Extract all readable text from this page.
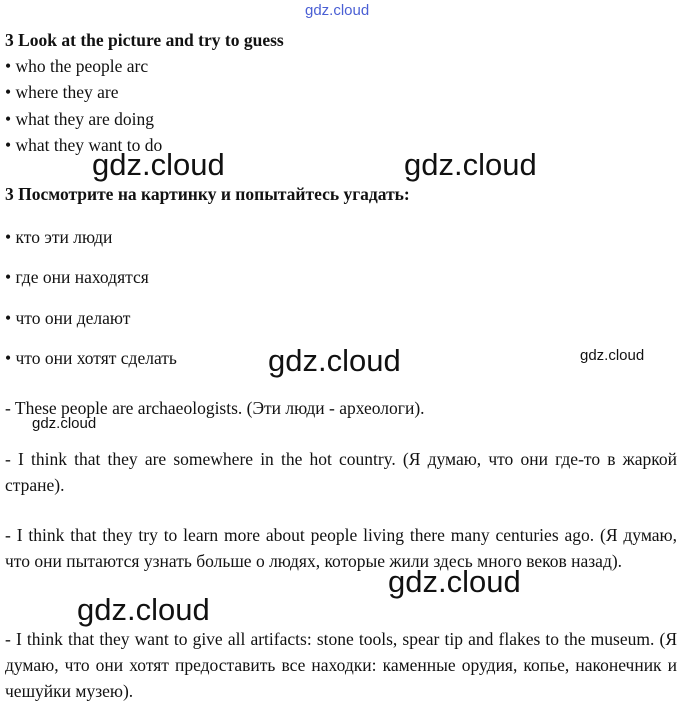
gdz.cloud
3 Look at the picture and try to guess
• who the people arc
• where they are
• what they are doing
• what they want to do
gdz.cloud	gdz.cloud
3 Посмотрите на картинку и попытайтесь угадать:
• кто эти люди
• где они находятся
• что они делают
• что они хотят сделать	gdz.cloud	gdz.cloud
- These people are archaeologists. (Эти люди - археологи).
gdz.cloud
- I think that they are somewhere in the hot country. (Я думаю, что они где-то в жаркой стране).
- I think that they try to learn more about people living there many centuries ago. (Я думаю, что они пытаются узнать больше о людях, которые жили здесь много веков назад).
gdz.cloud
gdz.cloud
- I think that they want to give all artifacts: stone tools, spear tip and flakes to the museum. (Я думаю, что они хотят предоставить все находки: каменные орудия, копье, наконечник и чешуйки музею).
